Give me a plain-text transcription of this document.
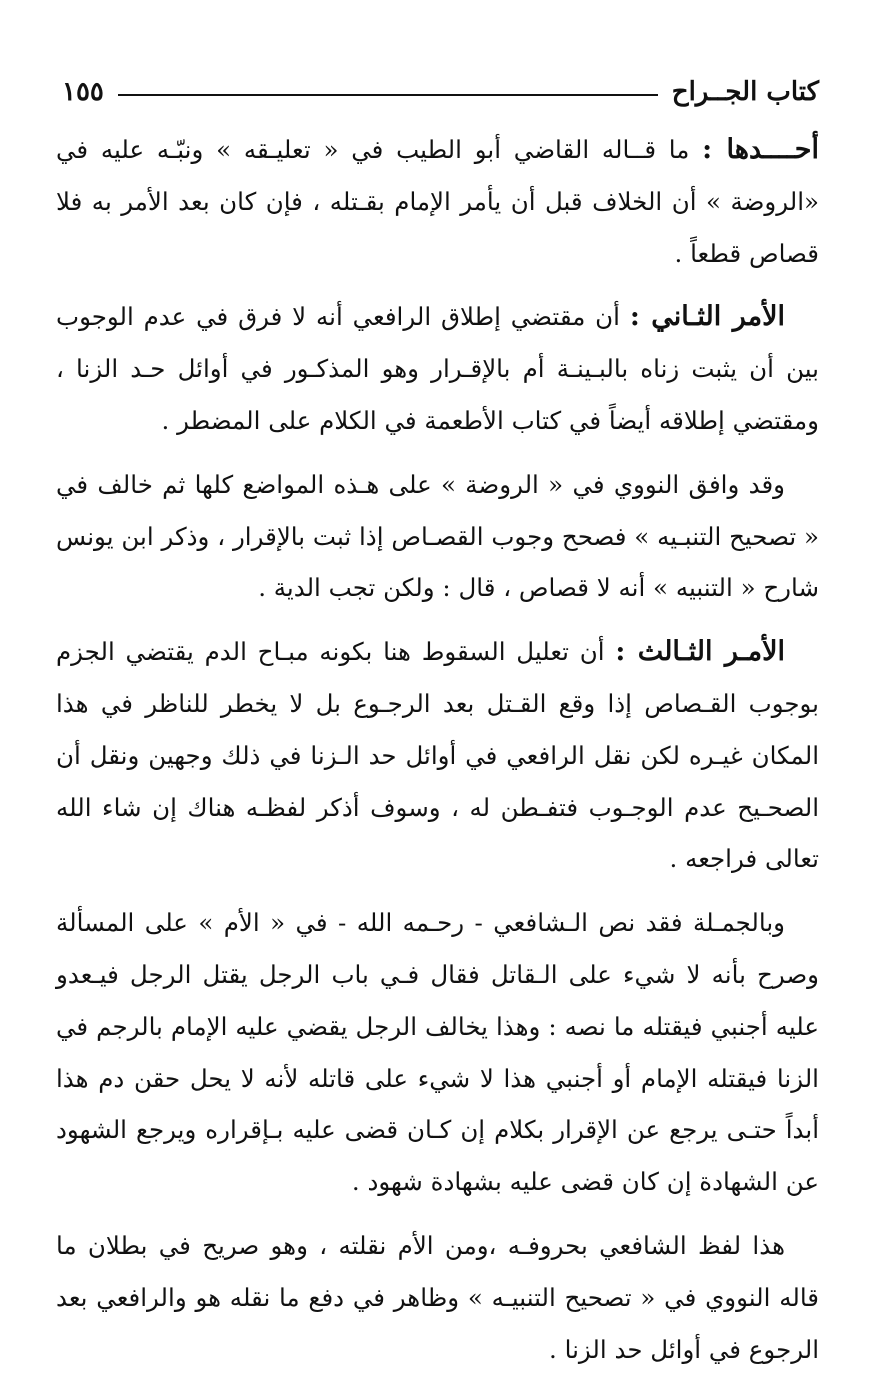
كتاب الجــراح
١٥٥

أحــــدها : ما قــاله القاضي أبو الطيب في « تعليـقه » ونبّـه عليه في «الروضة » أن الخلاف قبل أن يأمر الإمام بقـتله ، فإن كان بعد الأمر به فلا قصاص قطعاً .

الأمر الثـاني : أن مقتضي إطلاق الرافعي أنه لا فرق في عدم الوجوب بين أن يثبت زناه بالبـينـة أم بالإقـرار وهو المذكـور في أوائل حـد الزنا ، ومقتضي إطلاقه أيضاً في كتاب الأطعمة في الكلام على المضطر .

وقد وافق النووي في « الروضة » على هـذه المواضع كلها ثم خالف في « تصحيح التنبـيه » فصحح وجوب القصـاص إذا ثبت بالإقرار ، وذكر ابن يونس شارح « التنبيه » أنه لا قصاص ، قال : ولكن تجب الدية .

الأمـر الثـالث : أن تعليل السقوط هنا بكونه مبـاح الدم يقتضي الجزم بوجوب القـصاص إذا وقع القـتل بعد الرجـوع بل لا يخطر للناظر في هذا المكان غيـره لكن نقل الرافعي في أوائل حد الـزنا في ذلك وجهين ونقل أن الصحـيح عدم الوجـوب فتفـطن له ، وسوف أذكر لفظـه هناك إن شاء الله تعالى فراجعه .

وبالجمـلة فقد نص الـشافعي - رحـمه الله - في « الأم » على المسألة وصرح بأنه لا شيء على الـقاتل فقال فـي باب الرجل يقتل الرجل فيـعدو عليه أجنبي فيقتله ما نصه : وهذا يخالف الرجل يقضي عليه الإمام بالرجم في الزنا فيقتله الإمام أو أجنبي هذا لا شيء على قاتله لأنه لا يحل حقن دم هذا أبداً حتـى يرجع عن الإقرار بكلام إن كـان قضى عليه بـإقراره ويرجع الشهود عن الشهادة إن كان قضى عليه بشهادة شهود .

هذا لفظ الشافعي بحروفـه ،ومن الأم نقلته ، وهو صريح في بطلان ما قاله النووي في « تصحيح التنبيـه » وظاهر في دفع ما نقله هو والرافعي بعد الرجوع في أوائل حد الزنا .
